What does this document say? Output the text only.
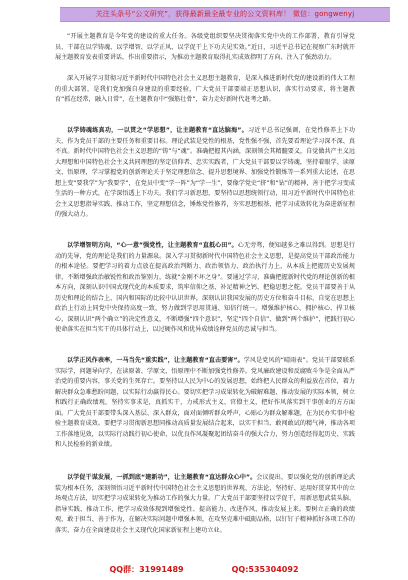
关注头条号“公文研究”，获得最新最全最专业的公文资料库！ 微信：gongwenyj

“开展主题教育是今年党的建设的重大任务。各级党组织要坚决贯彻落实党中央的工作部署，教育引导党员、干部在以学铸魂、以学增智、以学正风、以学促干上下功夫见实效。”近日，习近平总书记在视察广东时就开展主题教育发表重要讲话，作出重要指示，为推动主题教育取得扎实成效指明了方向、注入了强劲动力。

深入开展学习贯彻习近平新时代中国特色社会主义思想主题教育，是深入推进新时代党的建设新的伟大工程的重大部署，是我们党加强自身建设的重要经验，广大党员干部要端正思想认识，落实行动要求，将主题教育“抓在经常，融入日常”，在主题教育中“强筋壮骨”，奋力走好新时代赶考之路。

以学铸魂练真功，一以贯之“学思想”，让主题教育“直达脑海”。习近平总书记强调，在党性修养上下功夫，作为党员干部的主要任务和重要目标。理论武装是党性的根基，党性强不强，首先要看理论学习深不深、真不真。新时代中国特色社会主义思想的“铸”与“魂”。准确把握其内涵，深刻领会其精髓要义，自觉做共产主义远大理想和中国特色社会主义共同理想的坚定信仰者、忠实实践者，广大党员干部要以学铸魂，坚持着眼学、读原文、悟原理，学习掌握党的创新理论关于坚定理想信念、提升思想境界、加强党性锻炼等一系列重大论述，在思想上变“要我学”为“我要学”，在党员中变“学一阵”为“学一生”，要像学党史“挤”和“钻”的精神，善于把学习变成生活的一种方式，在学深悟透上下功夫。我们学习新思想，要坚持以思想统领行动，用习近平新时代中国特色社会主义思想指导实践、推动工作，坚定理想信念，锤炼党性修养，夯实思想根基，把学习成效转化为奋进新征程的强大动力。

以学增智明方向，“心一意”强党性，让主题教育“直抵心田”。心无旁骛，便知越多之难以得到。思想是行动的先导，党的理论是我们的力量源泉。深入学习贯彻新时代中国特色社会主义思想，是提高党员干部政治能力的根本途径。要把学习的着力点放在提高政治判断力、政治领悟力、政治执行力上，从本质上把握历史发展规律，不断增强政治敏锐性和政治鉴别力，练就“金刚不坏之身”。要通过学习，准确把握新时代党的理论创新的根本方向，深刻认识中国式现代化的本质要求，筑牢信仰之基、补足精神之钙、把稳思想之舵。党员干部要善于从历史和理论的结合上、国内和国际的比较中认识世界，深刻认识我国发展的历史方位和奋斗目标，自觉在思想上政治上行动上同党中央保持高度一致，努力做到学思用贯通、知信行统一。增强维护核心、拥护核心、捍卫核心，深刻认识“两个确立”的决定性意义，不断增强“四个意识”、坚定“四个自信”、做到“两个维护”，把践行初心使命落实在担当实干的具体行动上，以过硬作风和优异成绩诠释党员的忠诚与担当。

以学正风作表率，一马当先“重实践”，让主题教育“直击要害”。学风是党风的“晴雨表”。党员干部要联系实际学，问题导向学，在读原著、学原文、悟原理中不断加强党性修养。党风廉政建设和反腐败斗争是全面从严治党的重要内容，事关党的生死存亡。要坚持以人民为中心的发展思想，始终把人民群众的利益放在首位，着力解决群众急难愁盼问题，以实际行动赢得民心。要切实把学习成果转化为破解难题、推动发展的实际本领，树立和践行正确政绩观，坚持实事求是，真抓实干，力戒形式主义、官僚主义，把好作风落实到干事创业的方方面面。广大党员干部要带头深入基层、深入群众，面对面倾听群众呼声，心贴心为群众解难题，在为民办实事中检验主题教育成效。要把学习贯彻新思想同推动高质量发展结合起来，以实干担当、敢闯敢试的精气神，推动各项工作落地见效，以实际行动践行初心使命，以优良作风凝聚起团结奋斗的强大合力，努力创造经得起历史、实践和人民检验的新业绩。

以学促干谋发展，一抓到底“建新功”，让主题教育“直达群众心中”。会议提出，要以强化党的创新理论武装为根本任务，深刻领悟习近平新时代中国特色社会主义思想的世界观、方法论，坚持好、运用好贯穿其中的立场观点方法，切实把学习成果转化为推动工作的强大力量。广大党员干部要坚持以学促干，用新思想武装头脑、指导实践、推动工作，把学习成效体现到增强党性、提高能力、改进作风、推动发展上来。要树立正确的政绩观，敢于担当、善于作为，在解决实际问题中增强本领，在攻坚克难中砥砺品格，以钉钉子精神抓好各项工作的落实，奋力在全面建设社会主义现代化国家新征程上建功立业。

QQ群：31991489	QQ:535304092
